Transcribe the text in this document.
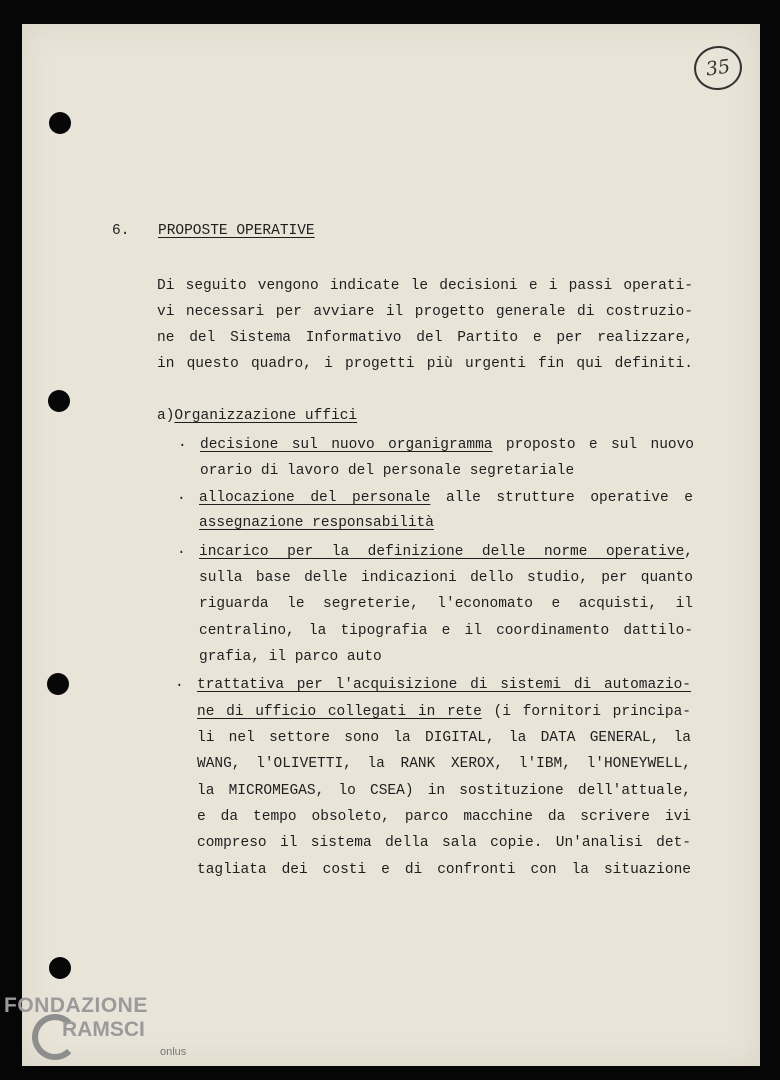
35
6. PROPOSTE OPERATIVE
Di seguito vengono indicate le decisioni e i passi operati-
vi necessari per avviare il progetto generale di costruzio-
ne del Sistema Informativo del Partito e per realizzare,
in questo quadro, i progetti più urgenti fin qui definiti.
a)Organizzazione uffici
. decisione sul nuovo organigramma proposto e sul nuovo
orario di lavoro del personale segretariale
. allocazione del personale alle strutture operative e
assegnazione responsabilità
. incarico per la definizione delle norme operative,
sulla base delle indicazioni dello studio, per quanto
riguarda le segreterie, l'economato e acquisti, il
centralino, la tipografia e il coordinamento dattilo-
grafia, il parco auto
. trattativa per l'acquisizione di sistemi di automazio-
ne di ufficio collegati in rete (i fornitori principa-
li nel settore sono la DIGITAL, la DATA GENERAL, la
WANG, l'OLIVETTI, la RANK XEROX, l'IBM, l'HONEYWELL,
la MICROMEGAS, lo CSEA) in sostituzione dell'attuale,
e da tempo obsoleto, parco macchine da scrivere ivi
compreso il sistema della sala copie. Un'analisi det-
tagliata dei costi e di confronti con la situazione
FONDAZIONE
RAMSCI
onlus
